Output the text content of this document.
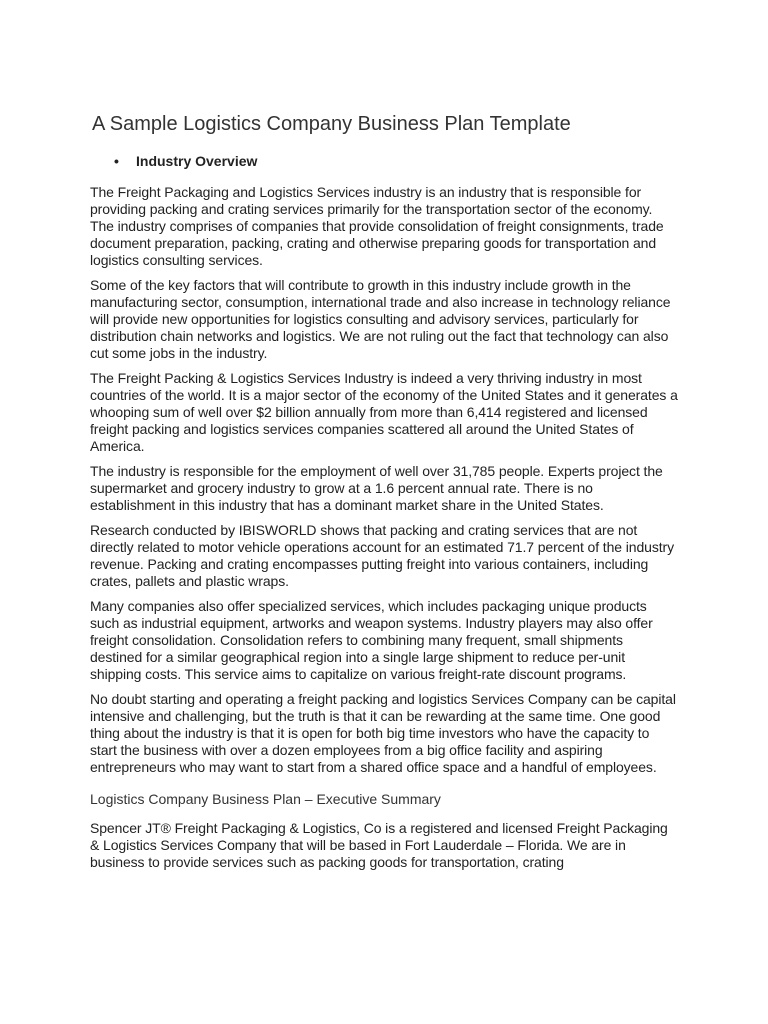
A Sample Logistics Company Business Plan Template
• Industry Overview

The Freight Packaging and Logistics Services industry is an industry that is responsible for providing packing and crating services primarily for the transportation sector of the economy. The industry comprises of companies that provide consolidation of freight consignments, trade document preparation, packing, crating and otherwise preparing goods for transportation and logistics consulting services.

Some of the key factors that will contribute to growth in this industry include growth in the manufacturing sector, consumption, international trade and also increase in technology reliance will provide new opportunities for logistics consulting and advisory services, particularly for distribution chain networks and logistics. We are not ruling out the fact that technology can also cut some jobs in the industry.

The Freight Packing & Logistics Services Industry is indeed a very thriving industry in most countries of the world. It is a major sector of the economy of the United States and it generates a whooping sum of well over $2 billion annually from more than 6,414 registered and licensed freight packing and logistics services companies scattered all around the United States of America.

The industry is responsible for the employment of well over 31,785 people. Experts project the supermarket and grocery industry to grow at a 1.6 percent annual rate. There is no establishment in this industry that has a dominant market share in the United States.

Research conducted by IBISWORLD shows that packing and crating services that are not directly related to motor vehicle operations account for an estimated 71.7 percent of the industry revenue. Packing and crating encompasses putting freight into various containers, including crates, pallets and plastic wraps.

Many companies also offer specialized services, which includes packaging unique products such as industrial equipment, artworks and weapon systems. Industry players may also offer freight consolidation. Consolidation refers to combining many frequent, small shipments destined for a similar geographical region into a single large shipment to reduce per-unit shipping costs. This service aims to capitalize on various freight-rate discount programs.

No doubt starting and operating a freight packing and logistics Services Company can be capital intensive and challenging, but the truth is that it can be rewarding at the same time. One good thing about the industry is that it is open for both big time investors who have the capacity to start the business with over a dozen employees from a big office facility and aspiring entrepreneurs who may want to start from a shared office space and a handful of employees.

Logistics Company Business Plan – Executive Summary

Spencer JT® Freight Packaging & Logistics, Co is a registered and licensed Freight Packaging & Logistics Services Company that will be based in Fort Lauderdale – Florida. We are in business to provide services such as packing goods for transportation, crating
